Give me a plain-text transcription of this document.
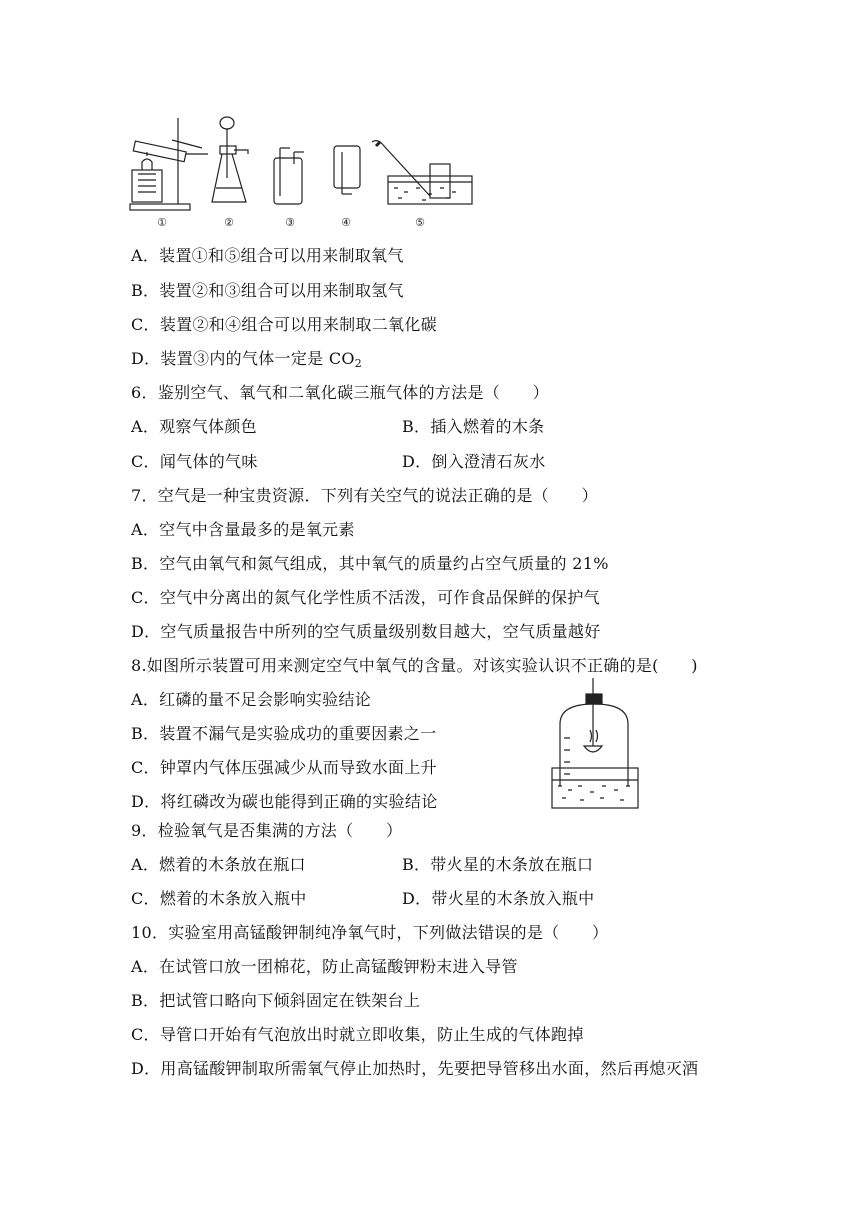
①	②	③	④	⑤
A．装置①和⑤组合可以用来制取氧气
B．装置②和③组合可以用来制取氢气
C．装置②和④组合可以用来制取二氧化碳
D．装置③内的气体一定是 $CO_2$
6．鉴别空气、氧气和二氧化碳三瓶气体的方法是（　　）
A．观察气体颜色	B．插入燃着的木条
C．闻气体的气味	D．倒入澄清石灰水
7．空气是一种宝贵资源．下列有关空气的说法正确的是（　　）
A．空气中含量最多的是氧元素
B．空气由氧气和氮气组成，其中氧气的质量约占空气质量的 21%
C．空气中分离出的氮气化学性质不活泼，可作食品保鲜的保护气
D．空气质量报告中所列的空气质量级别数目越大，空气质量越好
8.如图所示装置可用来测定空气中氧气的含量。对该实验认识不正确的是(　　)
A．红磷的量不足会影响实验结论
B．装置不漏气是实验成功的重要因素之一
C．钟罩内气体压强减少从而导致水面上升
D．将红磷改为碳也能得到正确的实验结论
9．检验氧气是否集满的方法（　　）
A．燃着的木条放在瓶口	B．带火星的木条放在瓶口
C．燃着的木条放入瓶中	D．带火星的木条放入瓶中
10．实验室用高锰酸钾制纯净氧气时，下列做法错误的是（　　）
A．在试管口放一团棉花，防止高锰酸钾粉末进入导管
B．把试管口略向下倾斜固定在铁架台上
C．导管口开始有气泡放出时就立即收集，防止生成的气体跑掉
D．用高锰酸钾制取所需氧气停止加热时，先要把导管移出水面，然后再熄灭酒
